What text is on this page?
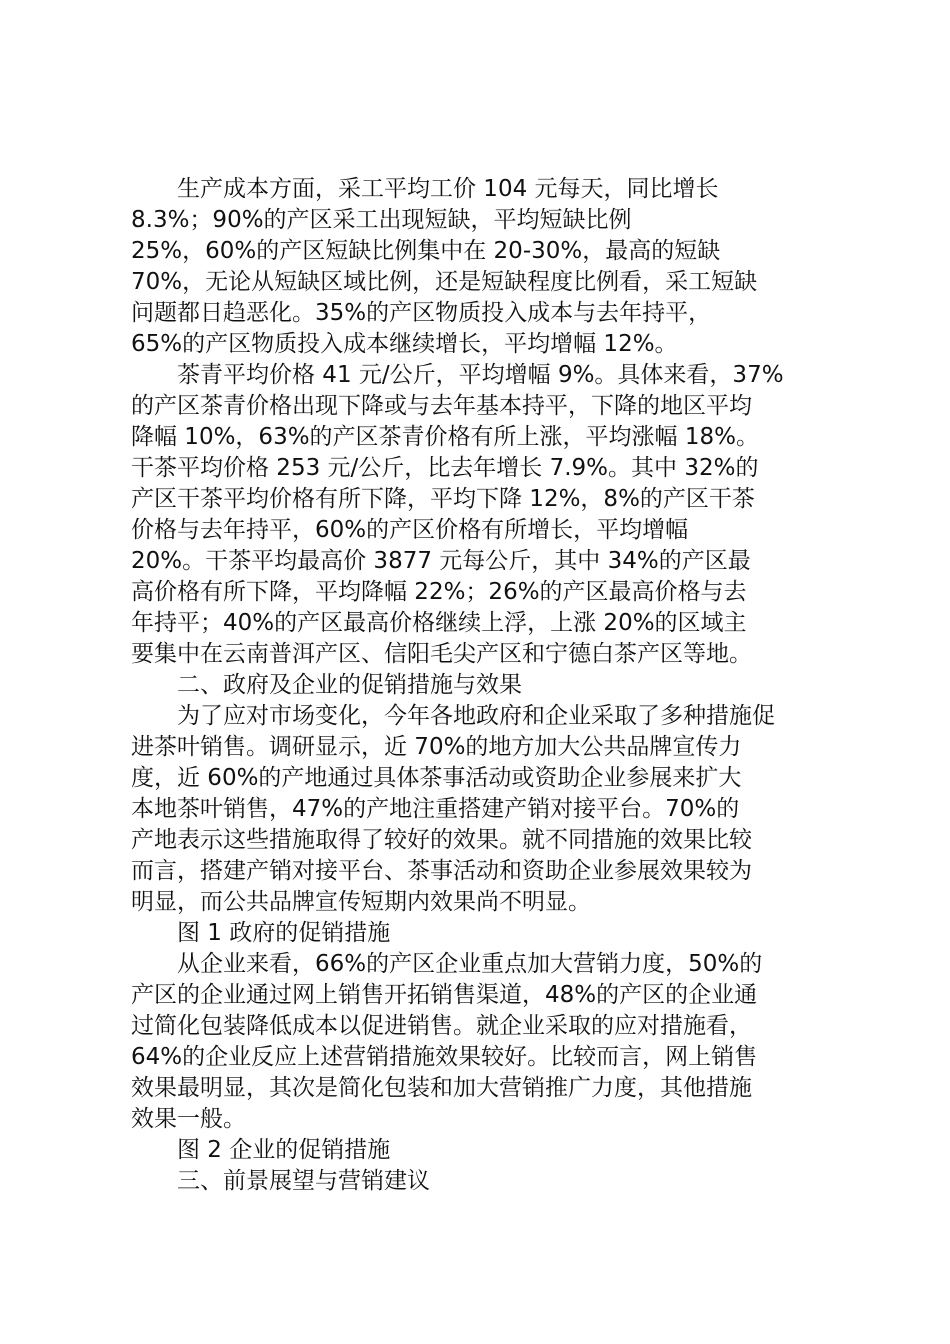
　　生产成本方面，采工平均工价 104 元每天，同比增长

8.3%；90%的产区采工出现短缺，平均短缺比例

25%，60%的产区短缺比例集中在 20-30%，最高的短缺

70%，无论从短缺区域比例，还是短缺程度比例看，采工短缺

问题都日趋恶化。35%的产区物质投入成本与去年持平，

65%的产区物质投入成本继续增长，平均增幅 12%。

　　茶青平均价格 41 元/公斤，平均增幅 9%。具体来看，37%

的产区茶青价格出现下降或与去年基本持平，下降的地区平均

降幅 10%，63%的产区茶青价格有所上涨，平均涨幅 18%。

干茶平均价格 253 元/公斤，比去年增长 7.9%。其中 32%的

产区干茶平均价格有所下降，平均下降 12%，8%的产区干茶

价格与去年持平，60%的产区价格有所增长，平均增幅

20%。干茶平均最高价 3877 元每公斤，其中 34%的产区最

高价格有所下降，平均降幅 22%；26%的产区最高价格与去

年持平；40%的产区最高价格继续上浮，上涨 20%的区域主

要集中在云南普洱产区、信阳毛尖产区和宁德白茶产区等地。

　　二、政府及企业的促销措施与效果

　　为了应对市场变化，今年各地政府和企业采取了多种措施促

进茶叶销售。调研显示，近 70%的地方加大公共品牌宣传力

度，近 60%的产地通过具体茶事活动或资助企业参展来扩大

本地茶叶销售，47%的产地注重搭建产销对接平台。70%的

产地表示这些措施取得了较好的效果。就不同措施的效果比较

而言，搭建产销对接平台、茶事活动和资助企业参展效果较为

明显，而公共品牌宣传短期内效果尚不明显。

　　图 1 政府的促销措施

　　从企业来看，66%的产区企业重点加大营销力度，50%的

产区的企业通过网上销售开拓销售渠道，48%的产区的企业通

过简化包装降低成本以促进销售。就企业采取的应对措施看，

64%的企业反应上述营销措施效果较好。比较而言，网上销售

效果最明显，其次是简化包装和加大营销推广力度，其他措施

效果一般。

　　图 2 企业的促销措施

　　三、前景展望与营销建议
